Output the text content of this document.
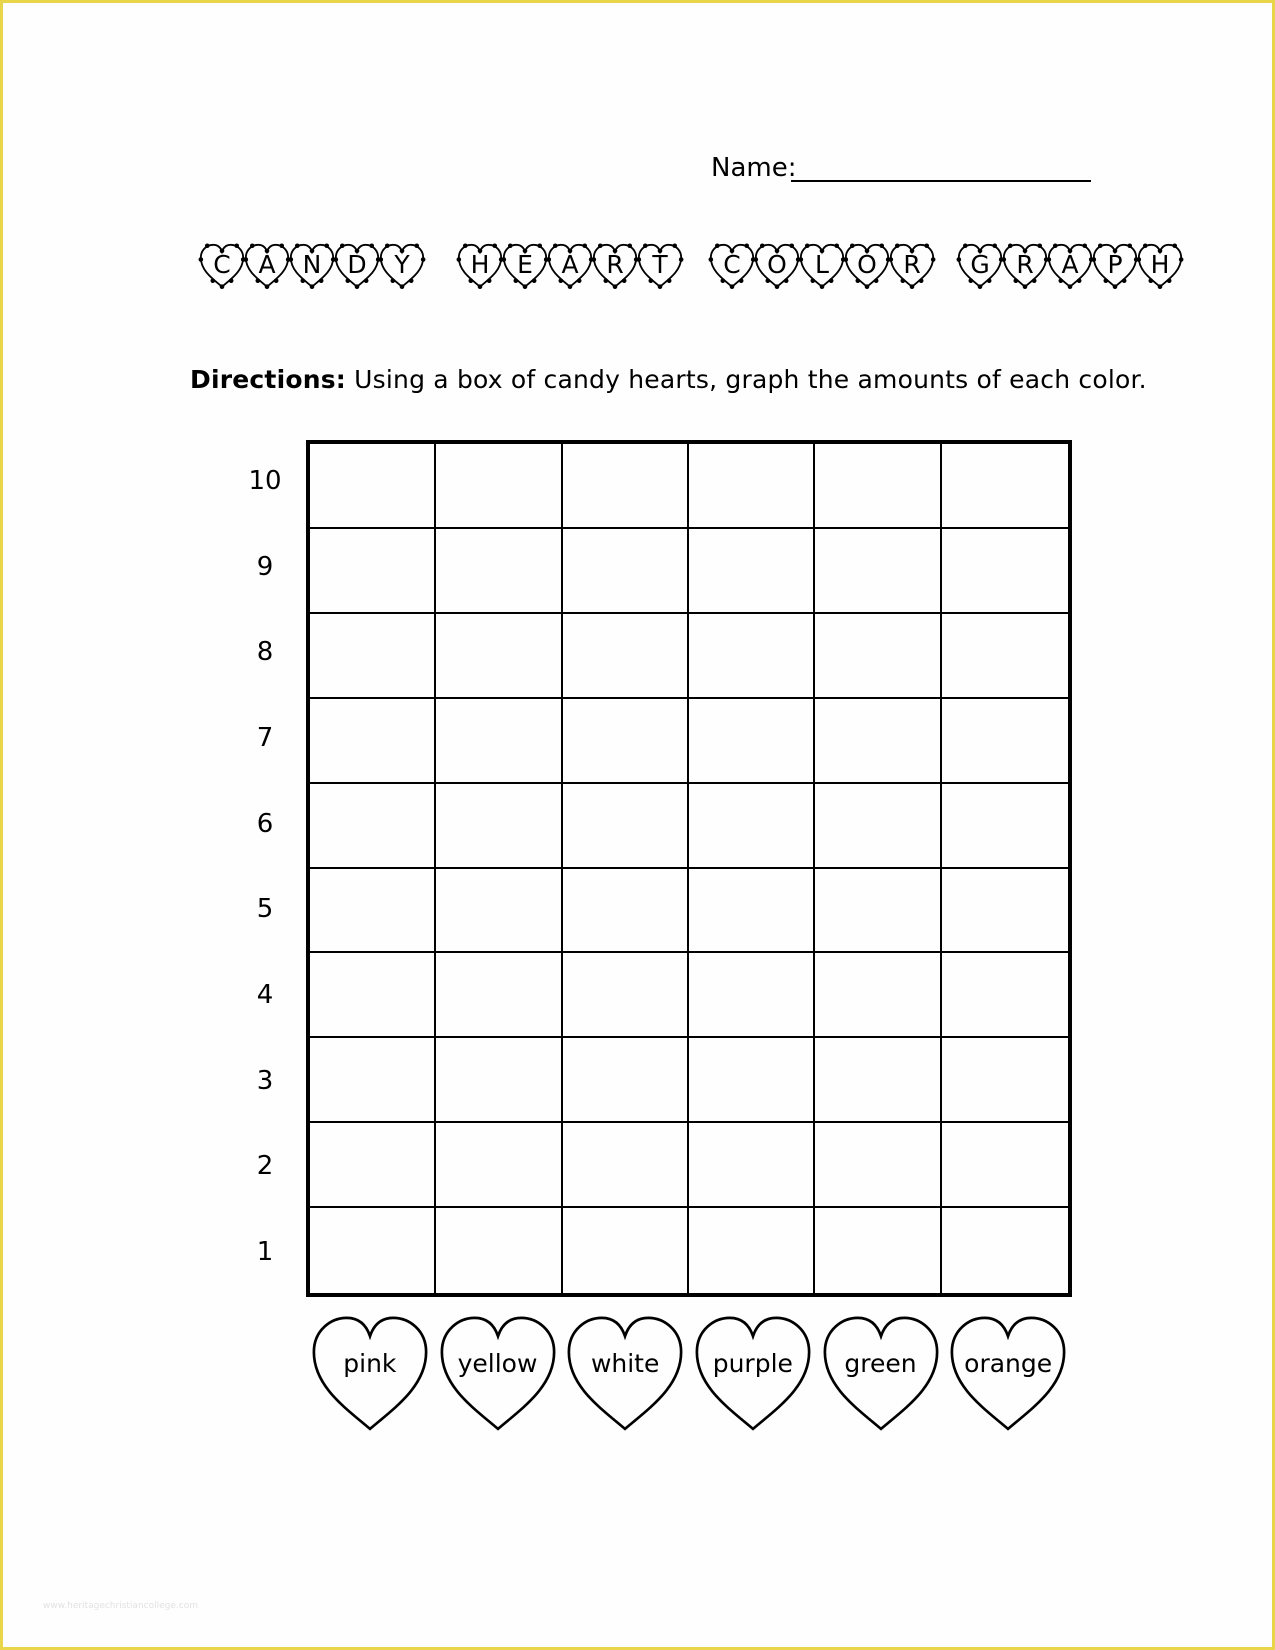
Name:
C	A	N	D	Y	H	E	A	R	T	C	O	L	O	R	G	R	A	P	H
Directions: Using a box of candy hearts, graph the amounts of each color.
10
9
8
7
6
5
4
3
2
1
pink	yellow	white	purple	green	orange
www.heritagechristiancollege.com
